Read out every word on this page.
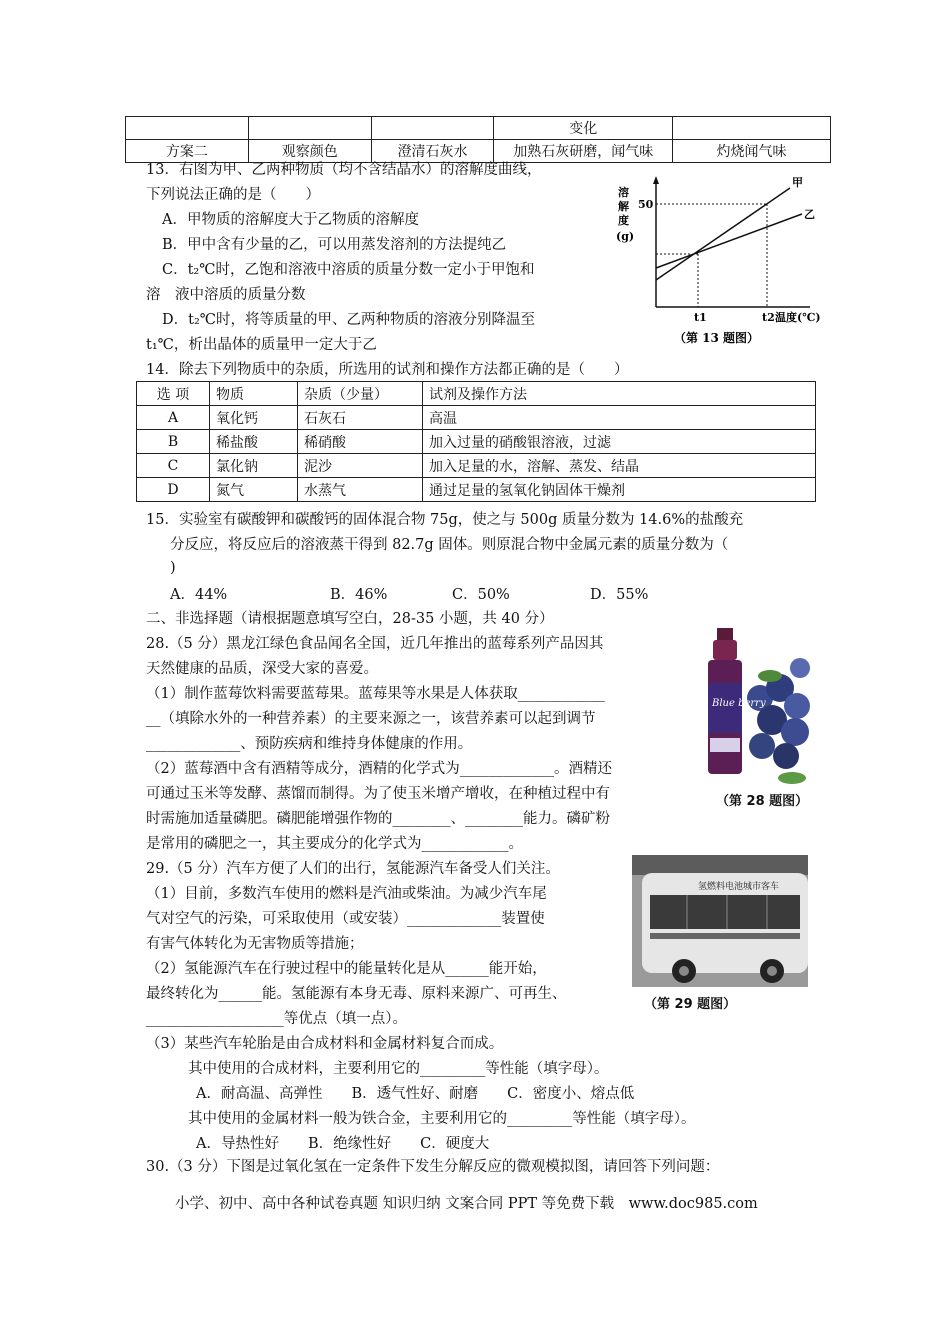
			变化	
方案二	观察颜色	澄清石灰水	加熟石灰研磨，闻气味	灼烧闻气味
13．右图为甲、乙两种物质（均不含结晶水）的溶解度曲线，
下列说法正确的是（　　）
A．甲物质的溶解度大于乙物质的溶解度
B．甲中含有少量的乙，可以用蒸发溶剂的方法提纯乙
C．t₂℃时，乙饱和溶液中溶质的质量分数一定小于甲饱和
溶　液中溶质的质量分数
D．t₂℃时，将等质量的甲、乙两种物质的溶液分别降温至
t₁℃，析出晶体的质量甲一定大于乙
溶
解
度
(g)
50
甲
乙
t1	t2 温度(℃)
（第 13 题图）
14．除去下列物质中的杂质，所选用的试剂和操作方法都正确的是（　　）
选 项	物质	杂质（少量）	试剂及操作方法
A	氧化钙	石灰石	高温
B	稀盐酸	稀硝酸	加入过量的硝酸银溶液，过滤
C	氯化钠	泥沙	加入足量的水，溶解、蒸发、结晶
D	氮气	水蒸气	通过足量的氢氧化钠固体干燥剂
15．实验室有碳酸钾和碳酸钙的固体混合物 75g，使之与 500g 质量分数为 14.6%的盐酸充
分反应，将反应后的溶液蒸干得到 82.7g 固体。则原混合物中金属元素的质量分数为（
)
A．44%	B．46%	C．50%	D．55%
二、非选择题（请根据题意填写空白，28-35 小题，共 40 分）
28.（5 分）黑龙江绿色食品闻名全国，近几年推出的蓝莓系列产品因其
天然健康的品质，深受大家的喜爱。
（1）制作蓝莓饮料需要蓝莓果。蓝莓果等水果是人体获取____________
__（填除水外的一种营养素）的主要来源之一，该营养素可以起到调节
_____________、预防疾病和维持身体健康的作用。
（2）蓝莓酒中含有酒精等成分，酒精的化学式为_____________。酒精还
可通过玉米等发酵、蒸馏而制得。为了使玉米增产增收，在种植过程中有
时需施加适量磷肥。磷肥能增强作物的________、________能力。磷矿粉
是常用的磷肥之一，其主要成分的化学式为____________。
Blue berry
（第 28 题图）
29.（5 分）汽车方便了人们的出行，氢能源汽车备受人们关注。
（1）目前，多数汽车使用的燃料是汽油或柴油。为减少汽车尾
气对空气的污染，可采取使用（或安装）_____________装置使
有害气体转化为无害物质等措施；
（2）氢能源汽车在行驶过程中的能量转化是从______能开始，
最终转化为______能。氢能源有本身无毒、原料来源广、可再生、
___________________等优点（填一点）。
（3）某些汽车轮胎是由合成材料和金属材料复合而成。
其中使用的合成材料，主要利用它的_________等性能（填字母）。
A．耐高温、高弹性　　B．透气性好、耐磨　　C．密度小、熔点低
其中使用的金属材料一般为铁合金，主要利用它的_________等性能（填字母）。
A．导热性好　　B．绝缘性好　　C．硬度大
氢燃料电池城市客车
（第 29 题图）
30.（3 分）下图是过氧化氢在一定条件下发生分解反应的微观模拟图，请回答下列问题：
小学、初中、高中各种试卷真题 知识归纳 文案合同 PPT 等免费下载　www.doc985.com
